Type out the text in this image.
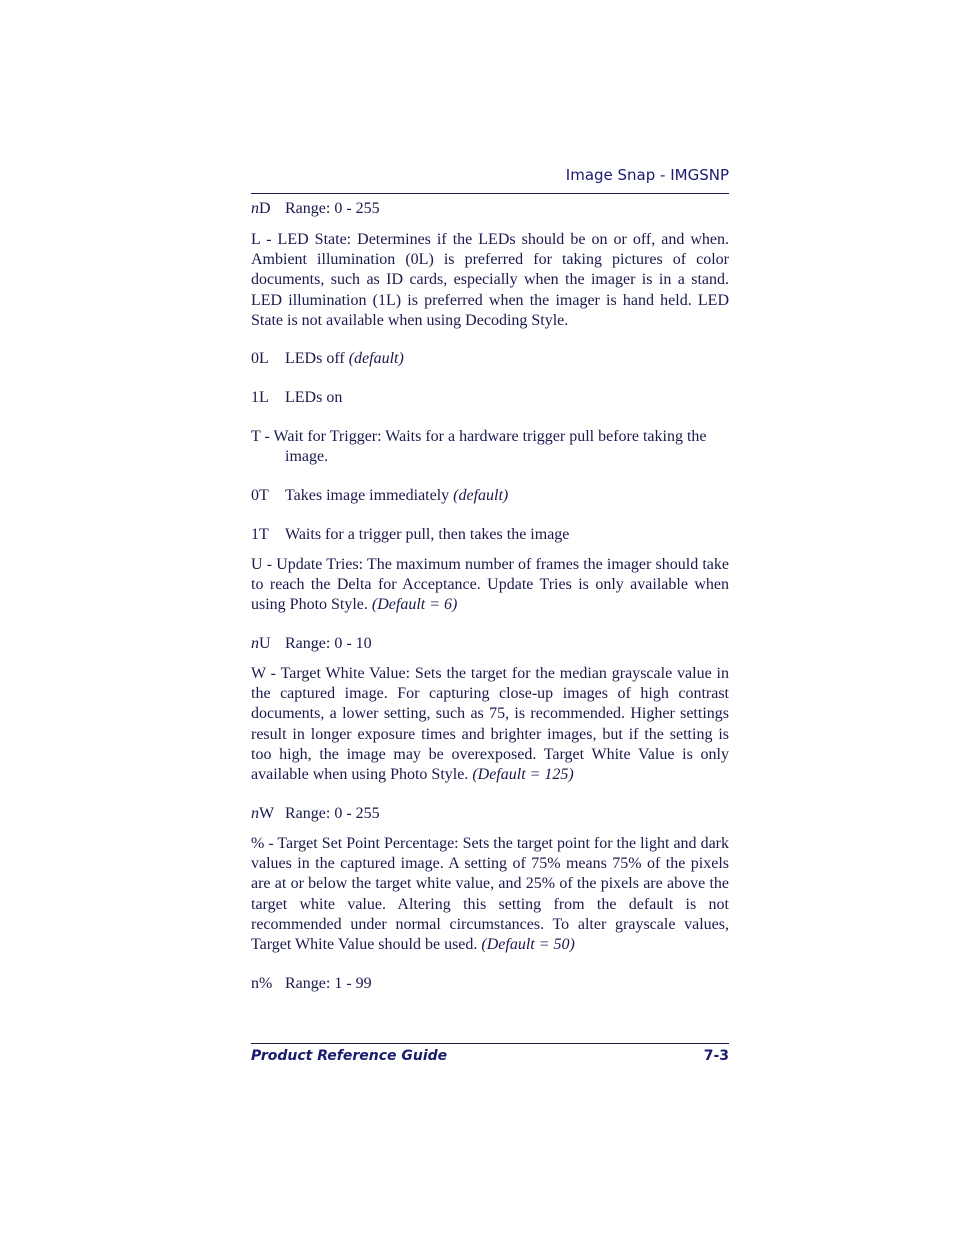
Image Snap - IMGSNP
nD Range: 0 - 255
L - LED State: Determines if the LEDs should be on or off, and when. Ambient illumination (0L) is preferred for taking pictures of color documents, such as ID cards, especially when the imager is in a stand. LED illumination (1L) is preferred when the imager is hand held. LED State is not available when using Decoding Style.
0L LEDs off (default)
1L LEDs on
T - Wait for Trigger: Waits for a hardware trigger pull before taking the image.
0T Takes image immediately (default)
1T Waits for a trigger pull, then takes the image
U - Update Tries: The maximum number of frames the imager should take to reach the Delta for Acceptance. Update Tries is only available when using Photo Style. (Default = 6)
nU Range: 0 - 10
W - Target White Value: Sets the target for the median grayscale value in the captured image. For capturing close-up images of high contrast documents, a lower setting, such as 75, is recommended. Higher settings result in longer exposure times and brighter images, but if the setting is too high, the image may be overexposed. Target White Value is only available when using Photo Style. (Default = 125)
nW Range: 0 - 255
% - Target Set Point Percentage: Sets the target point for the light and dark values in the captured image. A setting of 75% means 75% of the pixels are at or below the target white value, and 25% of the pixels are above the target white value. Altering this setting from the default is not recommended under normal circumstances. To alter grayscale values, Target White Value should be used. (Default = 50)
n% Range: 1 - 99
Product Reference Guide	7-3
